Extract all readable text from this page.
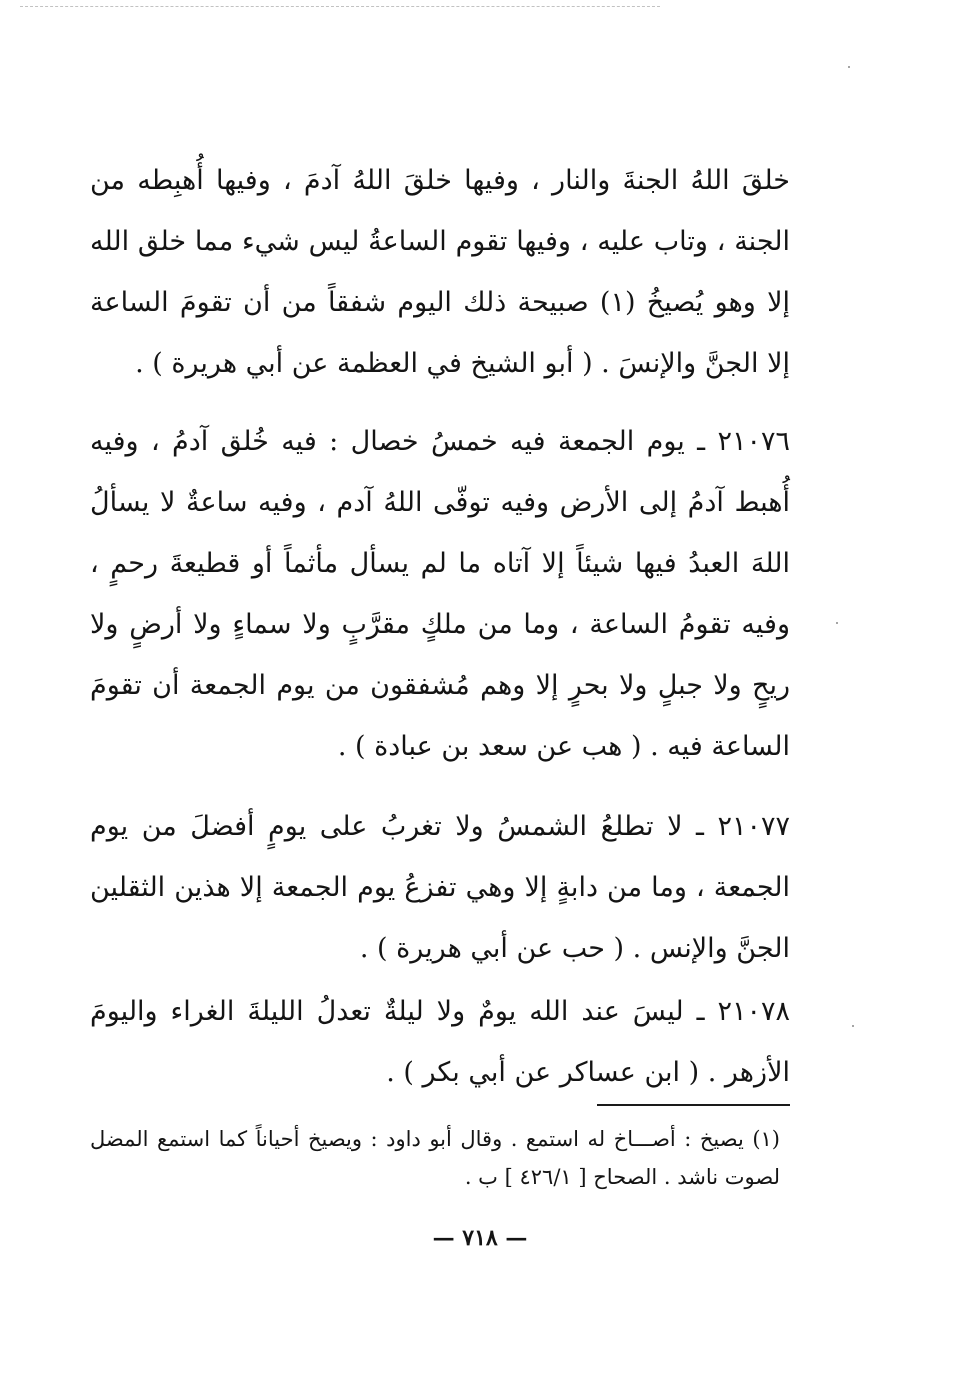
خلقَ اللهُ الجنةَ والنار ، وفيها خلقَ اللهُ آدمَ ، وفيها أُهبِطه من الجنة ، وتاب عليه ، وفيها تقوم الساعةُ ليس شيء مما خلق الله إلا وهو يُصيخُ (١) صبيحة ذلك اليوم شفقاً من أن تقومَ الساعة إلا الجنَّ والإنسَ . ( أبو الشيخ في العظمة عن أبي هريرة ) .

٢١٠٧٦ ـ يوم الجمعة فيه خمسُ خصال : فيه خُلق آدمُ ، وفيه أُهبط آدمُ إلى الأرض وفيه توفّى اللهُ آدم ، وفيه ساعةٌ لا يسألُ اللهَ العبدُ فيها شيئاً إلا آتاه ما لم يسأل مأثماً أو قطيعةَ رحمٍ ، وفيه تقومُ الساعة ، وما من ملكٍ مقرَّبٍ ولا سماءٍ ولا أرضٍ ولا ريحٍ ولا جبلٍ ولا بحرٍ إلا وهم مُشفقون من يوم الجمعة أن تقومَ الساعة فيه . ( هب عن سعد بن عبادة ) .

٢١٠٧٧ ـ لا تطلعُ الشمسُ ولا تغربُ على يومٍ أفضلَ من يوم الجمعة ، وما من دابةٍ إلا وهي تفزعُ يوم الجمعة إلا هذين الثقلين الجنَّ والإنس . ( حب عن أبي هريرة ) .

٢١٠٧٨ ـ ليسَ عند الله يومٌ ولا ليلةٌ تعدلُ الليلةَ الغراء واليومَ الأزهر . ( ابن عساكر عن أبي بكر ) .

(١) يصيخ : أصـــاخ له استمع . وقال أبو داود : ويصيخ أحياناً كما استمع المضل لصوت ناشد . الصحاح [ ٤٢٦/١ ] ب .

— ٧١٨ —
